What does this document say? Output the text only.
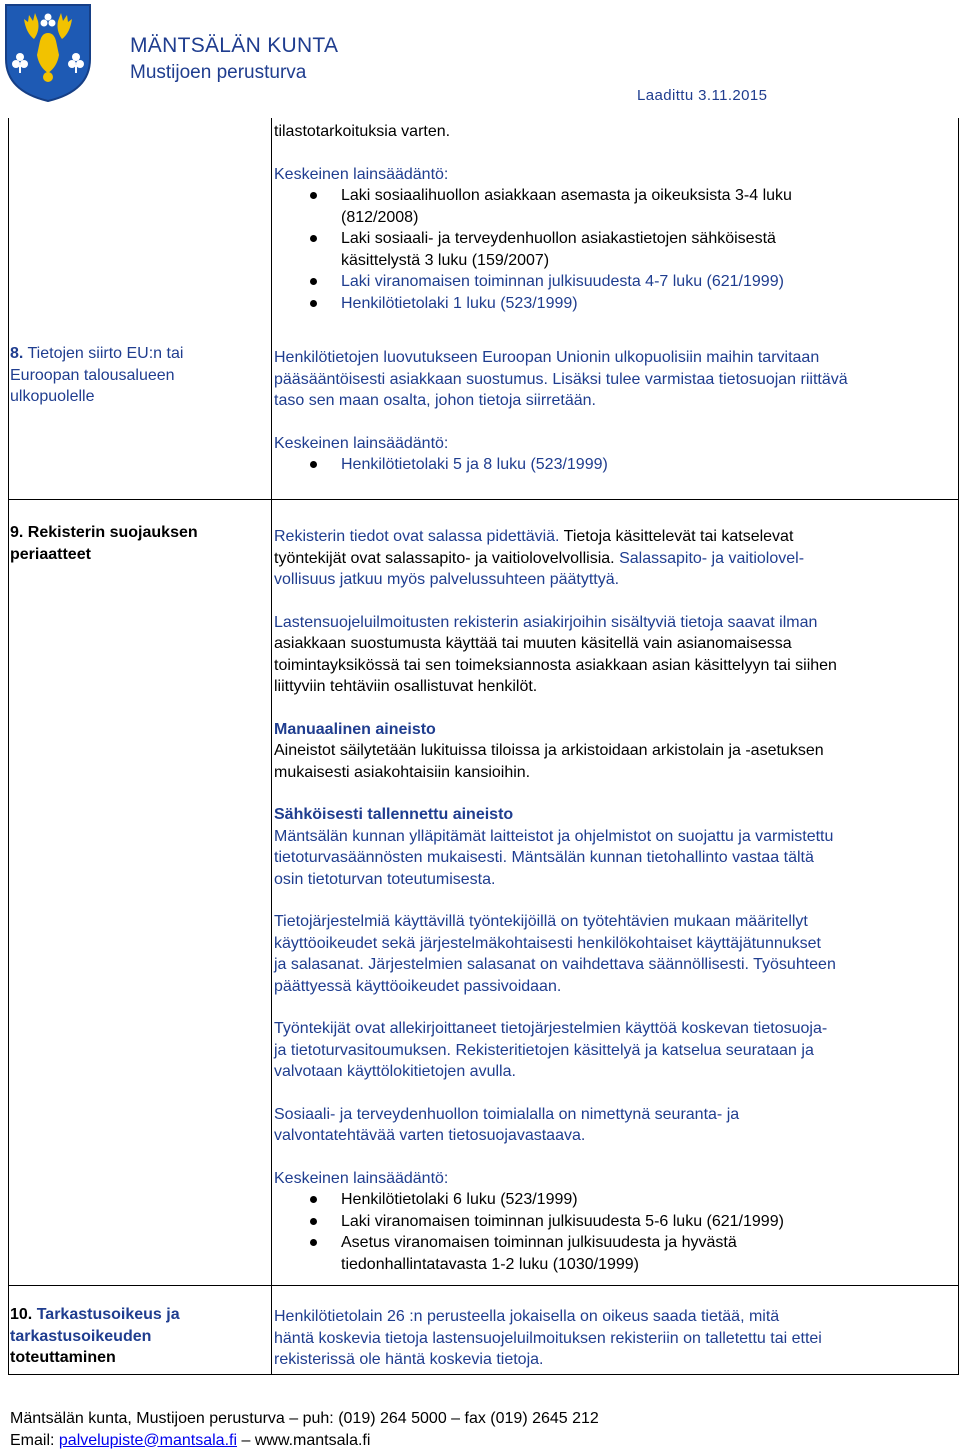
MÄNTSÄLÄN KUNTA
Mustijoen perusturva
Laadittu 3.11.2015

tilastotarkoituksia varten.

Keskeinen lainsäädäntö:

Laki sosiaalihuollon asiakkaan asemasta ja oikeuksista 3-4 luku
(812/2008)
Laki sosiaali- ja terveydenhuollon asiakastietojen sähköisestä
käsittelystä 3 luku (159/2007)
Laki viranomaisen toiminnan julkisuudesta 4-7 luku (621/1999)
Henkilötietolaki 1 luku (523/1999)
8. Tietojen siirto EU:n tai
Euroopan talousalueen
ulkopuolelle

Henkilötietojen luovutukseen Euroopan Unionin ulkopuolisiin maihin tarvitaan
pääsääntöisesti asiakkaan suostumus. Lisäksi tulee varmistaa tietosuojan riittävä
taso sen maan osalta, johon tietoja siirretään.

Keskeinen lainsäädäntö:

Henkilötietolaki 5 ja 8 luku (523/1999)
9. Rekisterin suojauksen
periaatteet

Rekisterin tiedot ovat salassa pidettäviä. Tietoja käsittelevät tai katselevat
työntekijät ovat salassapito- ja vaitiolovelvollisia. Salassapito- ja vaitiolovel-
vollisuus jatkuu myös palvelussuhteen päätyttyä.

Lastensuojeluilmoitusten rekisterin asiakirjoihin sisältyviä tietoja saavat ilman
asiakkaan suostumusta käyttää tai muuten käsitellä vain asianomaisessa
toimintayksikössä tai sen toimeksiannosta asiakkaan asian käsittelyyn tai siihen
liittyviin tehtäviin osallistuvat henkilöt.

Manuaalinen aineisto

Aineistot säilytetään lukituissa tiloissa ja arkistoidaan arkistolain ja -asetuksen
mukaisesti asiakohtaisiin kansioihin.

Sähköisesti tallennettu aineisto

Mäntsälän kunnan ylläpitämät laitteistot ja ohjelmistot on suojattu ja varmistettu
tietoturvasäännösten mukaisesti. Mäntsälän kunnan tietohallinto vastaa tältä
osin tietoturvan toteutumisesta.

Tietojärjestelmiä käyttävillä työntekijöillä on työtehtävien mukaan määritellyt
käyttöoikeudet sekä järjestelmäkohtaisesti henkilökohtaiset käyttäjätunnukset
ja salasanat. Järjestelmien salasanat on vaihdettava säännöllisesti. Työsuhteen
päättyessä käyttöoikeudet passivoidaan.

Työntekijät ovat allekirjoittaneet tietojärjestelmien käyttöä koskevan tietosuoja-
ja tietoturvasitoumuksen. Rekisteritietojen käsittelyä ja katselua seurataan ja
valvotaan käyttölokitietojen avulla.

Sosiaali- ja terveydenhuollon toimialalla on nimettynä seuranta- ja
valvontatehtävää varten tietosuojavastaava.

Keskeinen lainsäädäntö:

Henkilötietolaki 6 luku (523/1999)
Laki viranomaisen toiminnan julkisuudesta 5-6 luku (621/1999)
Asetus viranomaisen toiminnan julkisuudesta ja hyvästä
tiedonhallintatavasta 1-2 luku (1030/1999)
10. Tarkastusoikeus ja
tarkastusoikeuden
toteuttaminen

Henkilötietolain 26 :n perusteella jokaisella on oikeus saada tietää, mitä
häntä koskevia tietoja lastensuojeluilmoituksen rekisteriin on talletettu tai ettei
rekisterissä ole häntä koskevia tietoja.

Mäntsälän kunta, Mustijoen perusturva – puh: (019) 264 5000 – fax (019) 2645 212
Email: palvelupiste@mantsala.fi – www.mantsala.fi
